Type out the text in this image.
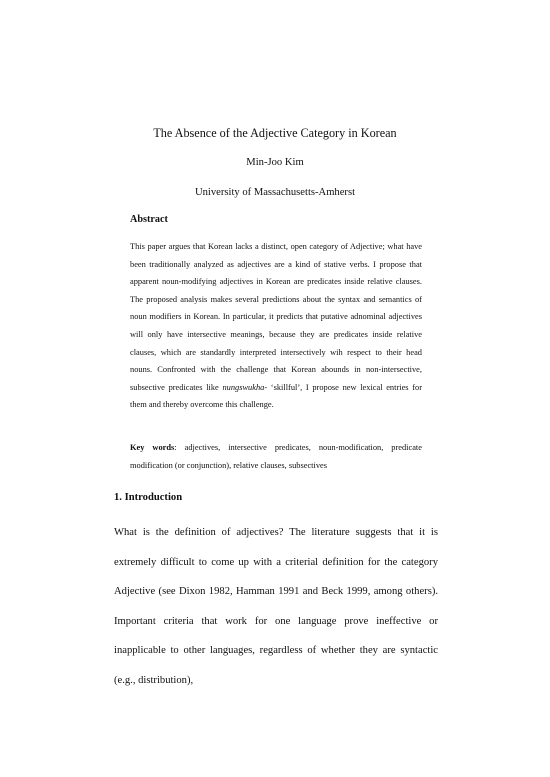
The Absence of the Adjective Category in Korean
Min-Joo Kim
University of Massachusetts-Amherst
Abstract

This paper argues that Korean lacks a distinct, open category of Adjective; what have been traditionally analyzed as adjectives are a kind of stative verbs. I propose that apparent noun-modifying adjectives in Korean are predicates inside relative clauses. The proposed analysis makes several predictions about the syntax and semantics of noun modifiers in Korean. In particular, it predicts that putative adnominal adjectives will only have intersective meanings, because they are predicates inside relative clauses, which are standardly interpreted intersectively wih respect to their head nouns. Confronted with the challenge that Korean abounds in non-intersective, subsective predicates like nungswukha- ‘skillful’, I propose new lexical entries for them and thereby overcome this challenge.

Key words: adjectives, intersective predicates, noun-modification, predicate modification (or conjunction), relative clauses, subsectives

1. Introduction

What is the definition of adjectives? The literature suggests that it is extremely difficult to come up with a criterial definition for the category Adjective (see Dixon 1982, Hamman 1991 and Beck 1999, among others). Important criteria that work for one language prove ineffective or inapplicable to other languages, regardless of whether they are syntactic (e.g., distribution),
